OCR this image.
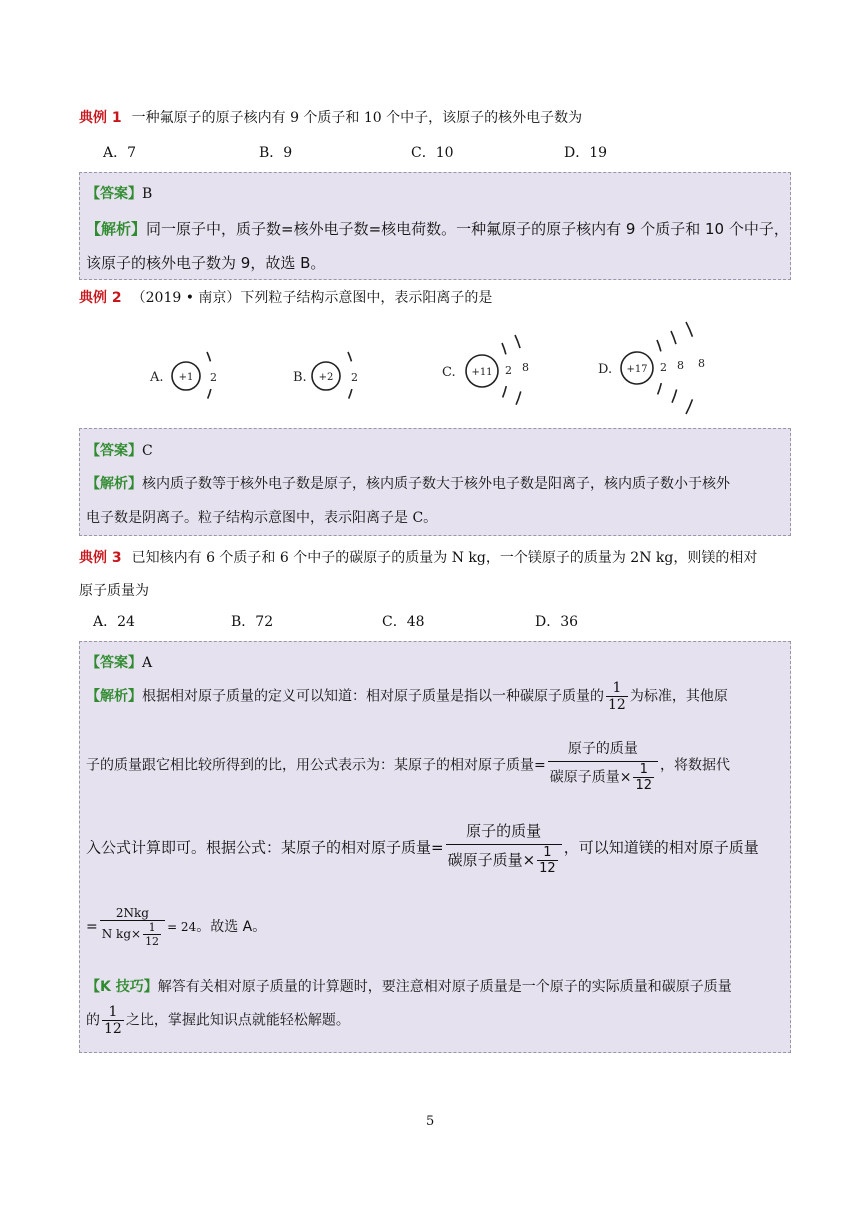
典例 1 一种氟原子的原子核内有 9 个质子和 10 个中子，该原子的核外电子数为
A．7	B．9	C．10	D．19
【答案】B
【解析】同一原子中，质子数=核外电子数=核电荷数。一种氟原子的原子核内有 9 个质子和 10 个中子，
该原子的核外电子数为 9，故选 B。
典例 2 （2019 • 南京）下列粒子结构示意图中，表示阳离子的是
A. +1 2	B. +2 2	C. +11 2 8	D. +17 2 8 8
【答案】C
【解析】核内质子数等于核外电子数是原子，核内质子数大于核外电子数是阳离子，核内质子数小于核外
电子数是阴离子。粒子结构示意图中，表示阳离子是 C。
典例 3 已知核内有 6 个质子和 6 个中子的碳原子的质量为 N kg，一个镁原子的质量为 2N kg，则镁的相对
原子质量为
A．24	B．72	C．48	D．36
【答案】A
【解析】根据相对原子质量的定义可以知道：相对原子质量是指以一种碳原子质量的 $\frac{1}{12}$ 为标准，其他原
子的质量跟它相比较所得到的比，用公式表示为：某原子的相对原子质量= $\frac{\text{原子的质量}}{碳原子质量\times \frac{1}{12}}$ ，将数据代
入公式计算即可。根据公式：某原子的相对原子质量= $\frac{\text{原子的质量}}{碳原子质量\times \frac{1}{12}}$ ，可以知道镁的相对原子质量
= $\frac{\text{2Nkg}}{N kg\times \frac{1}{12}} = 24$。故选 A。
【K 技巧】解答有关相对原子质量的计算题时，要注意相对原子质量是一个原子的实际质量和碳原子质量
的 $\frac{1}{12}$ 之比，掌握此知识点就能轻松解题。
5
